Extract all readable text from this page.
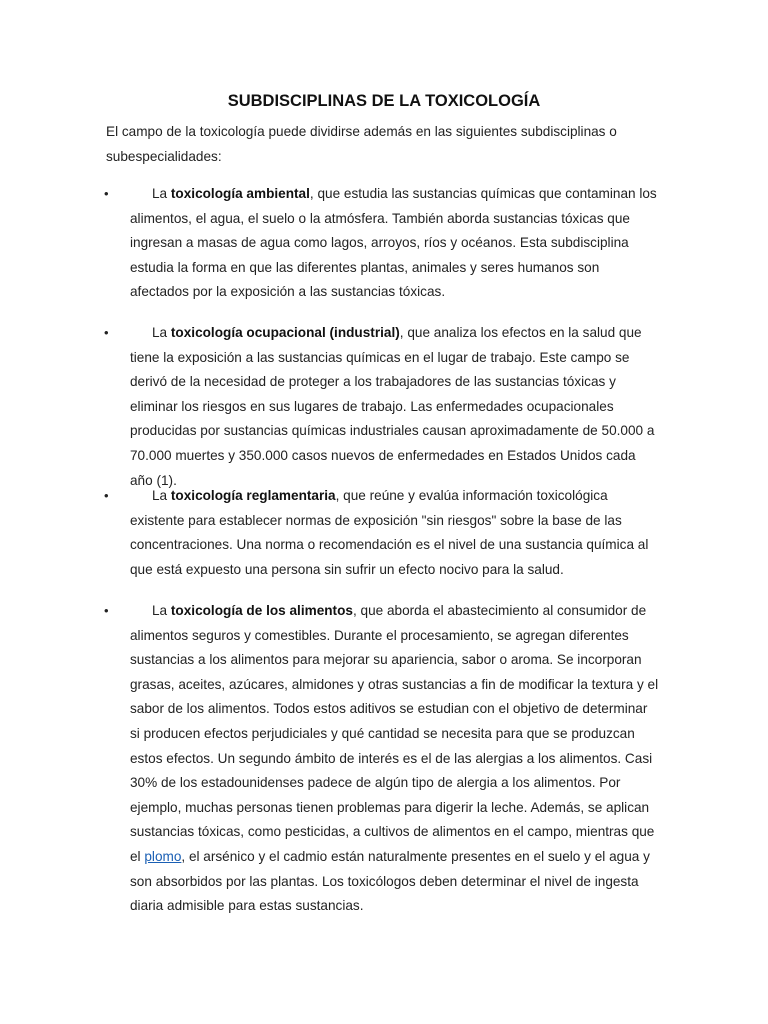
SUBDISCIPLINAS DE LA TOXICOLOGÍA

El campo de la toxicología puede dividirse además en las siguientes subdisciplinas o subespecialidades:

•	La toxicología ambiental, que estudia las sustancias químicas que contaminan los alimentos, el agua, el suelo o la atmósfera. También aborda sustancias tóxicas que ingresan a masas de agua como lagos, arroyos, ríos y océanos. Esta subdisciplina estudia la forma en que las diferentes plantas, animales y seres humanos son afectados por la exposición a las sustancias tóxicas.

•	La toxicología ocupacional (industrial), que analiza los efectos en la salud que tiene la exposición a las sustancias químicas en el lugar de trabajo. Este campo se derivó de la necesidad de proteger a los trabajadores de las sustancias tóxicas y eliminar los riesgos en sus lugares de trabajo. Las enfermedades ocupacionales producidas por sustancias químicas industriales causan aproximadamente de 50.000 a 70.000 muertes y 350.000 casos nuevos de enfermedades en Estados Unidos cada año (1).

•	La toxicología reglamentaria, que reúne y evalúa información toxicológica existente para establecer normas de exposición "sin riesgos" sobre la base de las concentraciones. Una norma o recomendación es el nivel de una sustancia química al que está expuesto una persona sin sufrir un efecto nocivo para la salud.

•	La toxicología de los alimentos, que aborda el abastecimiento al consumidor de alimentos seguros y comestibles. Durante el procesamiento, se agregan diferentes sustancias a los alimentos para mejorar su apariencia, sabor o aroma. Se incorporan grasas, aceites, azúcares, almidones y otras sustancias a fin de modificar la textura y el sabor de los alimentos. Todos estos aditivos se estudian con el objetivo de determinar si producen efectos perjudiciales y qué cantidad se necesita para que se produzcan estos efectos. Un segundo ámbito de interés es el de las alergias a los alimentos. Casi 30% de los estadounidenses padece de algún tipo de alergia a los alimentos. Por ejemplo, muchas personas tienen problemas para digerir la leche. Además, se aplican sustancias tóxicas, como pesticidas, a cultivos de alimentos en el campo, mientras que el plomo, el arsénico y el cadmio están naturalmente presentes en el suelo y el agua y son absorbidos por las plantas. Los toxicólogos deben determinar el nivel de ingesta diaria admisible para estas sustancias.
